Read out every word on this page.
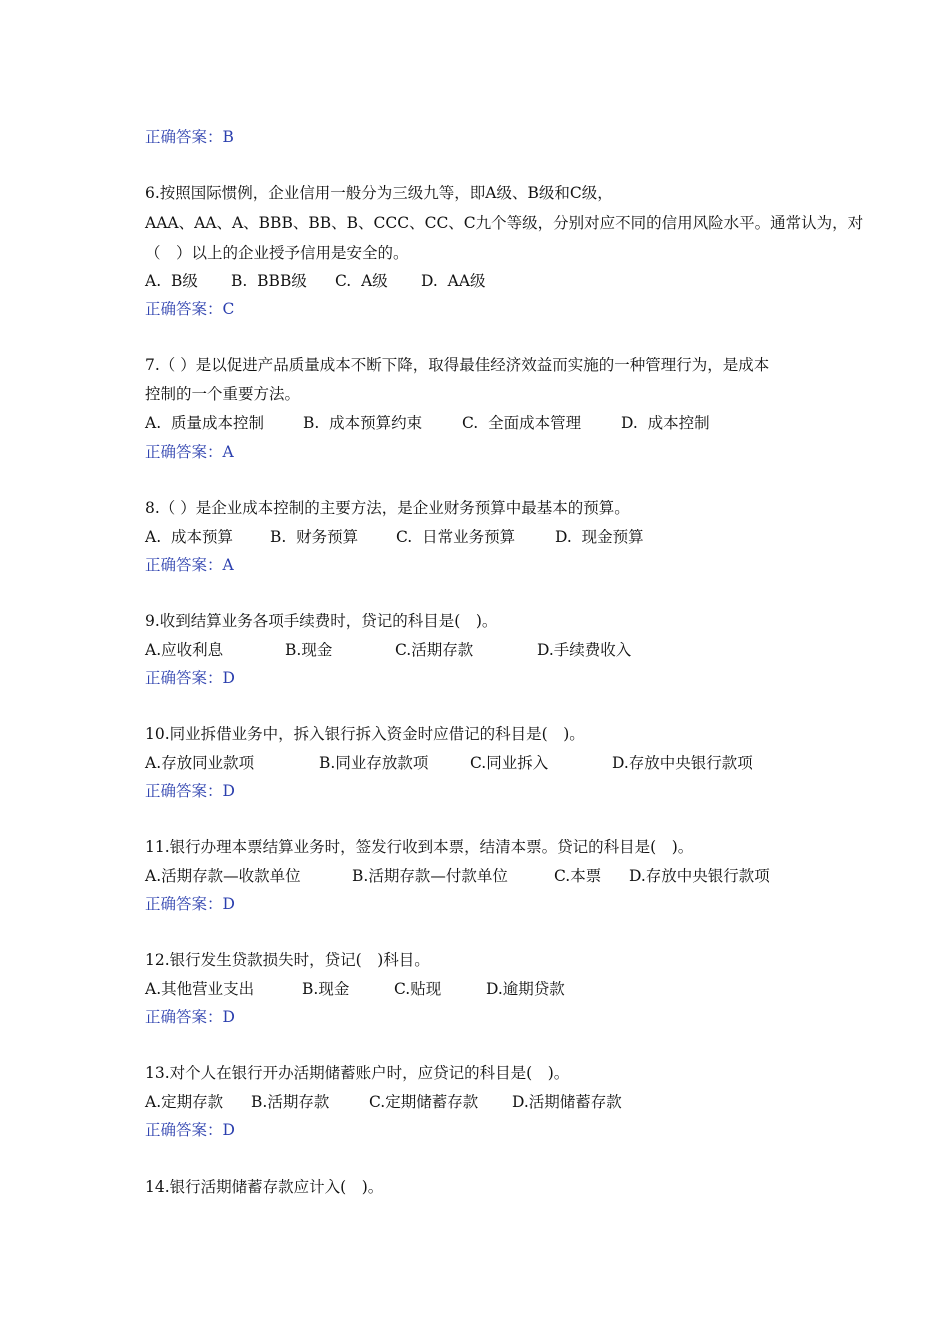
正确答案：B
6.按照国际惯例，企业信用一般分为三级九等，即A级、B级和C级，
AAA、AA、A、BBB、BB、B、CCC、CC、C九个等级，分别对应不同的信用风险水平。通常认为，对
（　）以上的企业授予信用是安全的。
A.  B级	B.  BBB级	C.  A级	D.  AA级
正确答案：C
7.（ ）是以促进产品质量成本不断下降，取得最佳经济效益而实施的一种管理行为，是成本
控制的一个重要方法。
A.  质量成本控制	B.  成本预算约束	C.  全面成本管理	D.  成本控制
正确答案：A
8.（ ）是企业成本控制的主要方法，是企业财务预算中最基本的预算。
A.  成本预算	B.  财务预算	C.  日常业务预算	D.  现金预算
正确答案：A
9.收到结算业务各项手续费时，贷记的科目是(　)。
A.应收利息	B.现金	C.活期存款	D.手续费收入
正确答案：D
10.同业拆借业务中，拆入银行拆入资金时应借记的科目是(　)。
A.存放同业款项	B.同业存放款项	C.同业拆入	D.存放中央银行款项
正确答案：D
11.银行办理本票结算业务时，签发行收到本票，结清本票。贷记的科目是(　)。
A.活期存款—收款单位	B.活期存款—付款单位	C.本票	D.存放中央银行款项
正确答案：D
12.银行发生贷款损失时，贷记(　)科目。
A.其他营业支出	B.现金	C.贴现	D.逾期贷款
正确答案：D
13.对个人在银行开办活期储蓄账户时，应贷记的科目是(　)。
A.定期存款	B.活期存款	C.定期储蓄存款	D.活期储蓄存款
正确答案：D
14.银行活期储蓄存款应计入(　)。
